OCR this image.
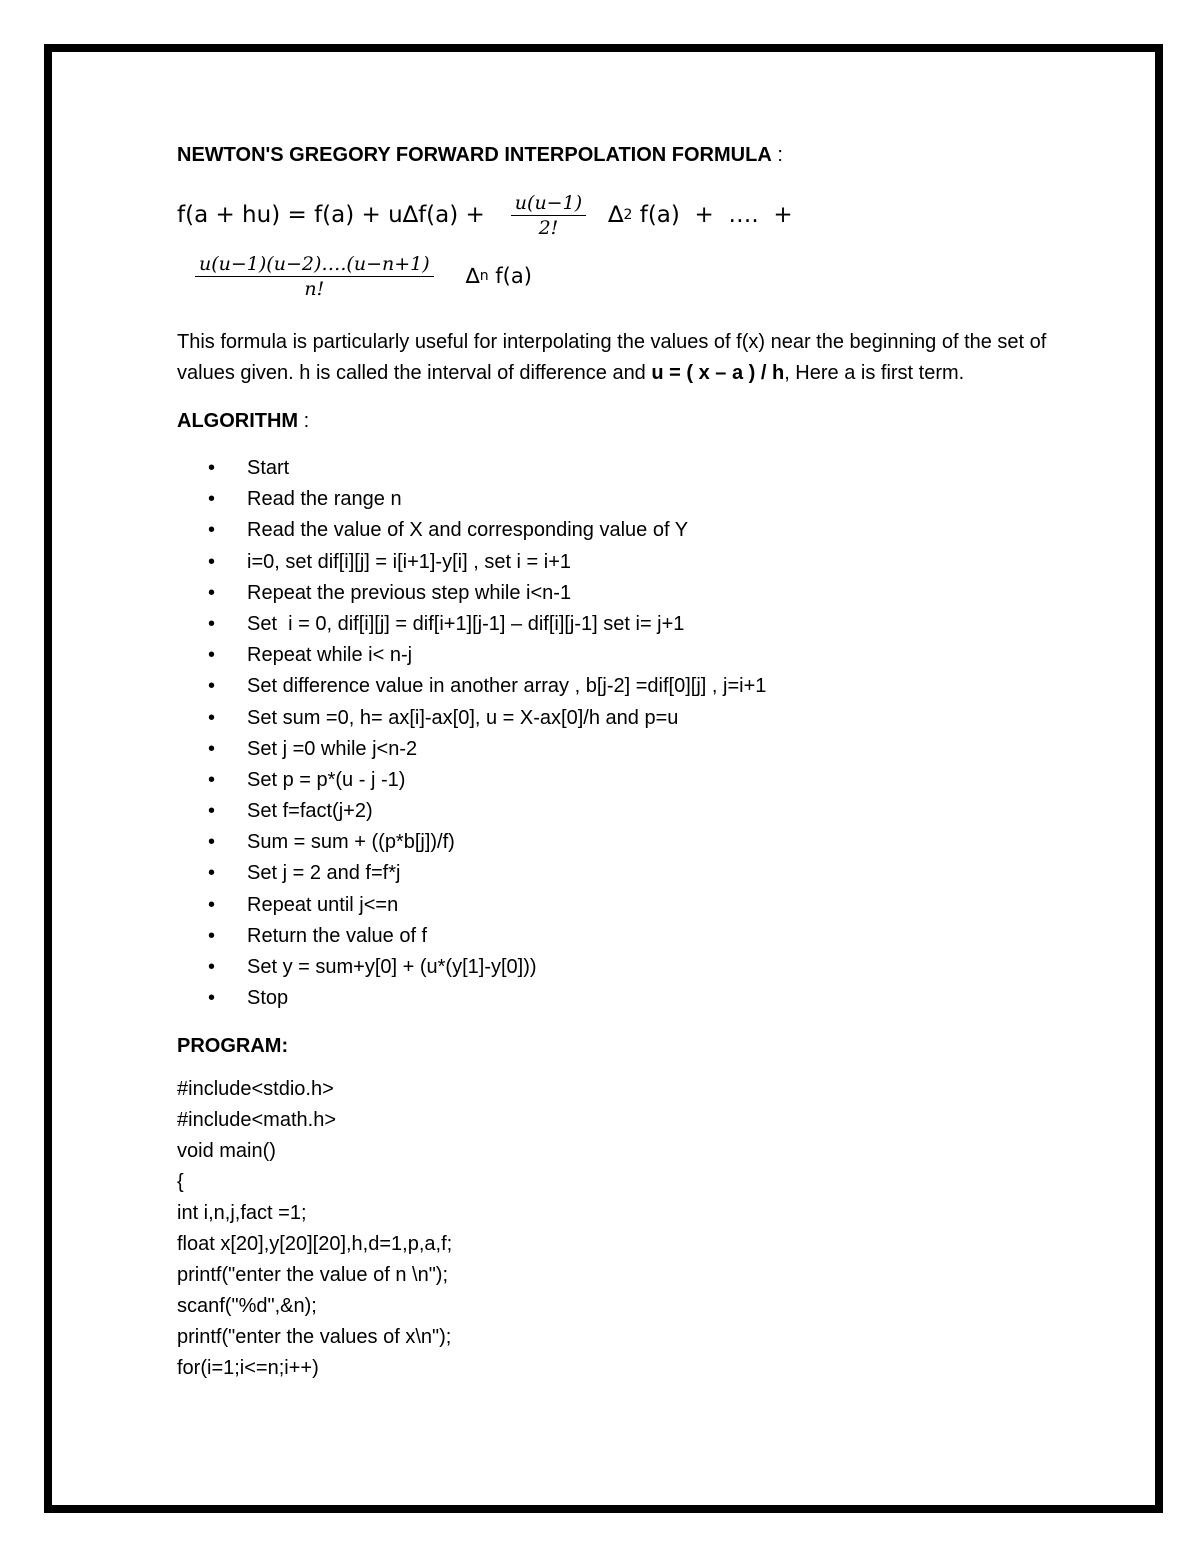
NEWTON'S GREGORY FORWARD INTERPOLATION FORMULA :
$f(a + hu) = f(a) + u\Delta f(a) + \frac{u(u-1)}{2!}$ ∆ 2 f(a)  +  ….  +
$\frac{u(u-1)(u-2)\dots.(u-n+1)}{n!}$ ∆ n f(a)
This formula is particularly useful for interpolating the values of f(x) near the beginning of the set of values given. h is called the interval of difference and u = ( x – a ) / h, Here a is first term.
ALGORITHM :
• Start
• Read the range n
• Read the value of X and corresponding value of Y
• i=0, set dif[i][j] = i[i+1]-y[i] , set i = i+1
• Repeat the previous step while i<n-1
• Set  i = 0, dif[i][j] = dif[i+1][j-1] – dif[i][j-1] set i= j+1
• Repeat while i< n-j
• Set difference value in another array , b[j-2] =dif[0][j] , j=i+1
• Set sum =0, h= ax[i]-ax[0], u = X-ax[0]/h and p=u
• Set j =0 while j<n-2
• Set p = p*(u - j -1)
• Set f=fact(j+2)
• Sum = sum + ((p*b[j])/f)
• Set j = 2 and f=f*j
• Repeat until j<=n
• Return the value of f
• Set y = sum+y[0] + (u*(y[1]-y[0]))
• Stop
PROGRAM:
#include<stdio.h>
#include<math.h>
void main()
{
int i,n,j,fact =1;
float x[20],y[20][20],h,d=1,p,a,f;
printf("enter the value of n \n");
scanf("%d",&n);
printf("enter the values of x\n");
for(i=1;i<=n;i++)
